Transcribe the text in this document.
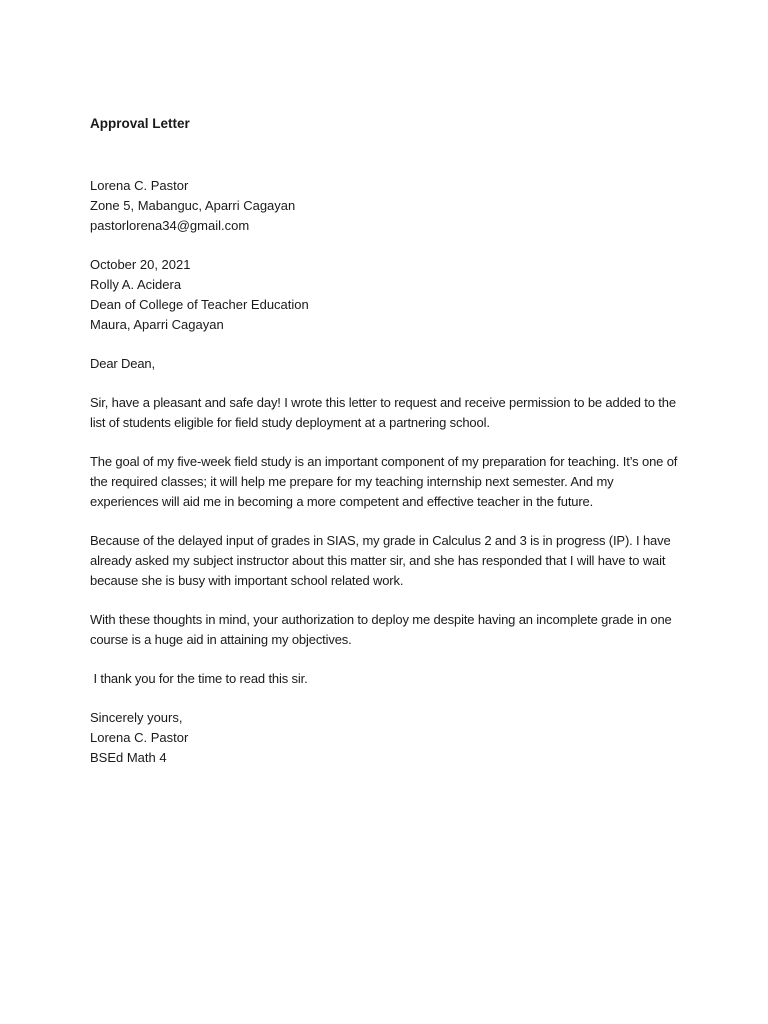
Approval Letter
Lorena C. Pastor
Zone 5, Mabanguc, Aparri Cagayan
pastorlorena34@gmail.com
October 20, 2021
Rolly A. Acidera
Dean of College of Teacher Education
Maura, Aparri Cagayan

Dear Dean,

Sir, have a pleasant and safe day! I wrote this letter to request and receive permission to be added to the list of students eligible for field study deployment at a partnering school.

The goal of my five-week field study is an important component of my preparation for teaching. It’s one of the required classes; it will help me prepare for my teaching internship next semester. And my experiences will aid me in becoming a more competent and effective teacher in the future.

Because of the delayed input of grades in SIAS, my grade in Calculus 2 and 3 is in progress (IP). I have already asked my subject instructor about this matter sir, and she has responded that I will have to wait because she is busy with important school related work.

With these thoughts in mind, your authorization to deploy me despite having an incomplete grade in one course is a huge aid in attaining my objectives.

I thank you for the time to read this sir.

Sincerely yours,
Lorena C. Pastor
BSEd Math 4
